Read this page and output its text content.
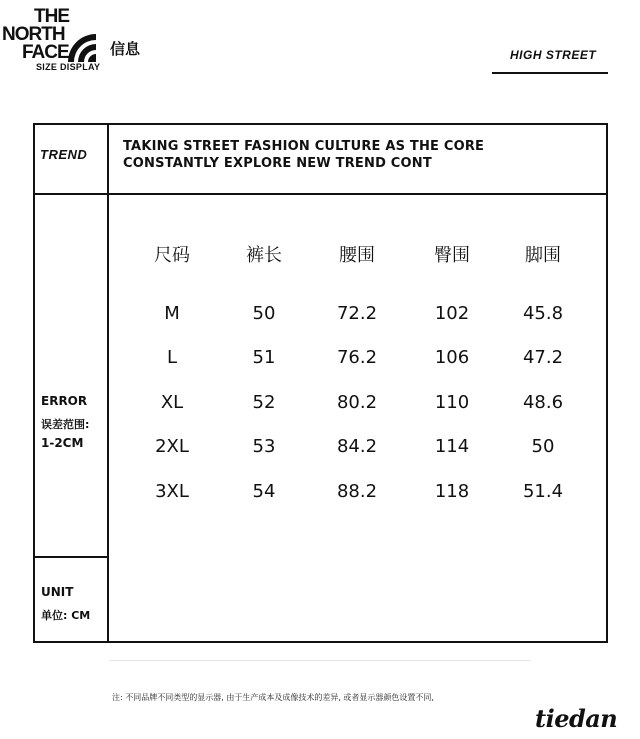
THE
NORTH
FACE	信息
SIZE DISPLAY
HIGH STREET
TREND
TAKING STREET FASHION CULTURE AS THE CORE
CONSTANTLY EXPLORE NEW TREND CONT
ERROR
误差范围:
1-2CM
UNIT
单位: CM
尺码	裤长	腰围	臀围	脚围
M	50	72.2	102	45.8
L	51	76.2	106	47.2
XL	52	80.2	110	48.6
2XL	53	84.2	114	50
3XL	54	88.2	118	51.4
注: 不同品牌不同类型的显示器, 由于生产成本及成像技术的差异, 或者显示器颜色设置不同,
tiedan
